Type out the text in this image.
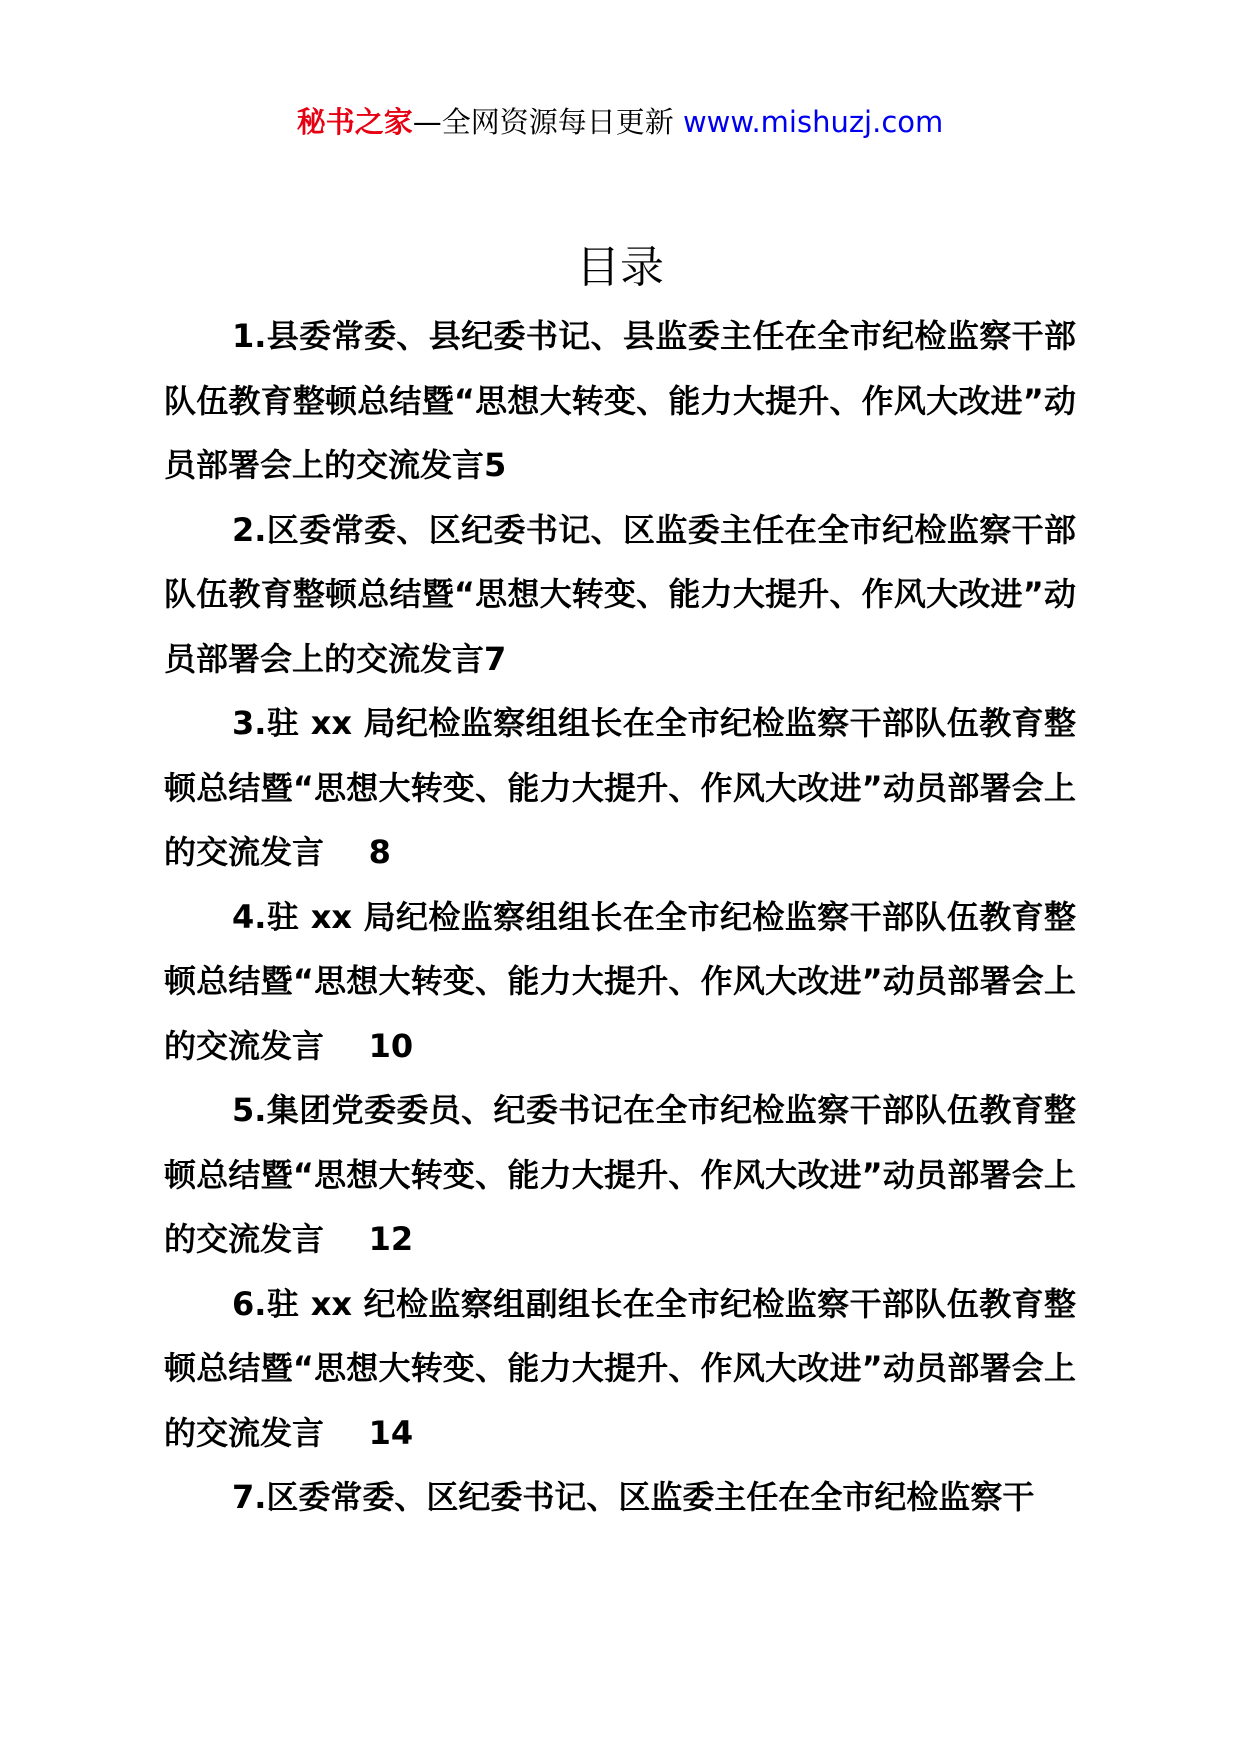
秘书之家—全网资源每日更新 www.mishuzj.com
目录
1.县委常委、县纪委书记、县监委主任在全市纪检监察干部队伍教育整顿总结暨“思想大转变、能力大提升、作风大改进”动员部署会上的交流发言5
2.区委常委、区纪委书记、区监委主任在全市纪检监察干部队伍教育整顿总结暨“思想大转变、能力大提升、作风大改进”动员部署会上的交流发言7
3.驻 xx 局纪检监察组组长在全市纪检监察干部队伍教育整顿总结暨“思想大转变、能力大提升、作风大改进”动员部署会上的交流发言    8
4.驻 xx 局纪检监察组组长在全市纪检监察干部队伍教育整顿总结暨“思想大转变、能力大提升、作风大改进”动员部署会上的交流发言    10
5.集团党委委员、纪委书记在全市纪检监察干部队伍教育整顿总结暨“思想大转变、能力大提升、作风大改进”动员部署会上的交流发言    12
6.驻 xx 纪检监察组副组长在全市纪检监察干部队伍教育整顿总结暨“思想大转变、能力大提升、作风大改进”动员部署会上的交流发言    14
7.区委常委、区纪委书记、区监委主任在全市纪检监察干
